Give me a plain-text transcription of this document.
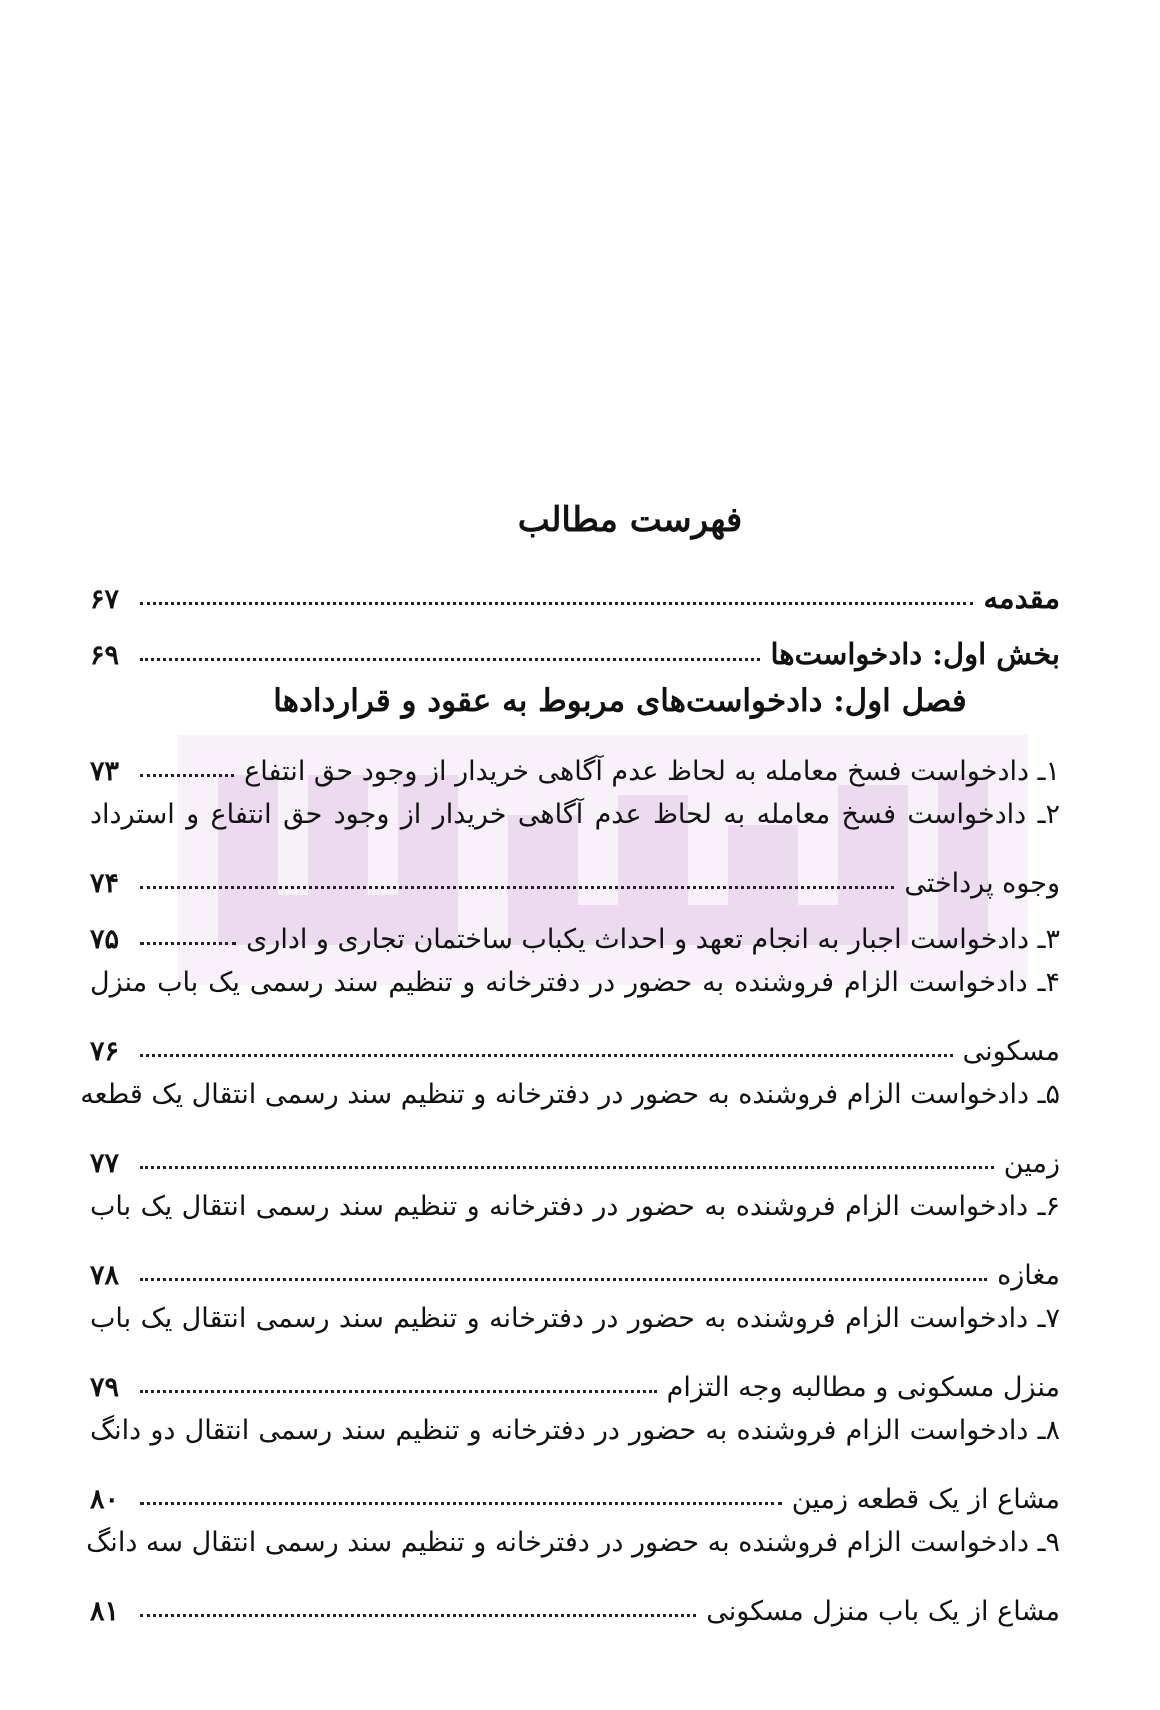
فهرست مطالب
مقدمه
۶۷
بخش اول: دادخواست‌ها
۶۹
فصل اول: دادخواست‌های مربوط به عقود و قراردادها
۱ـ دادخواست فسخ معامله به لحاظ عدم آگاهی خریدار از وجود حق انتفاع
۷۳
۲ـ دادخواست فسخ معامله به لحاظ عدم آگاهی خریدار از وجود حق انتفاع و استرداد
وجوه پرداختی
۷۴
۳ـ دادخواست اجبار به انجام تعهد و احداث یکباب ساختمان تجاری و اداری
۷۵
۴ـ دادخواست الزام فروشنده به حضور در دفترخانه و تنظیم سند رسمی یک باب منزل
مسکونی
۷۶
۵ـ دادخواست الزام فروشنده به حضور در دفترخانه و تنظیم سند رسمی انتقال یک قطعه
زمین
۷۷
۶ـ دادخواست الزام فروشنده به حضور در دفترخانه و تنظیم سند رسمی انتقال یک باب
مغازه
۷۸
۷ـ دادخواست الزام فروشنده به حضور در دفترخانه و تنظیم سند رسمی انتقال یک باب
منزل مسکونی و مطالبه وجه التزام
۷۹
۸ـ دادخواست الزام فروشنده به حضور در دفترخانه و تنظیم سند رسمی انتقال دو دانگ
مشاع از یک قطعه زمین
۸۰
۹ـ دادخواست الزام فروشنده به حضور در دفترخانه و تنظیم سند رسمی انتقال سه دانگ
مشاع از یک باب منزل مسکونی
۸۱
